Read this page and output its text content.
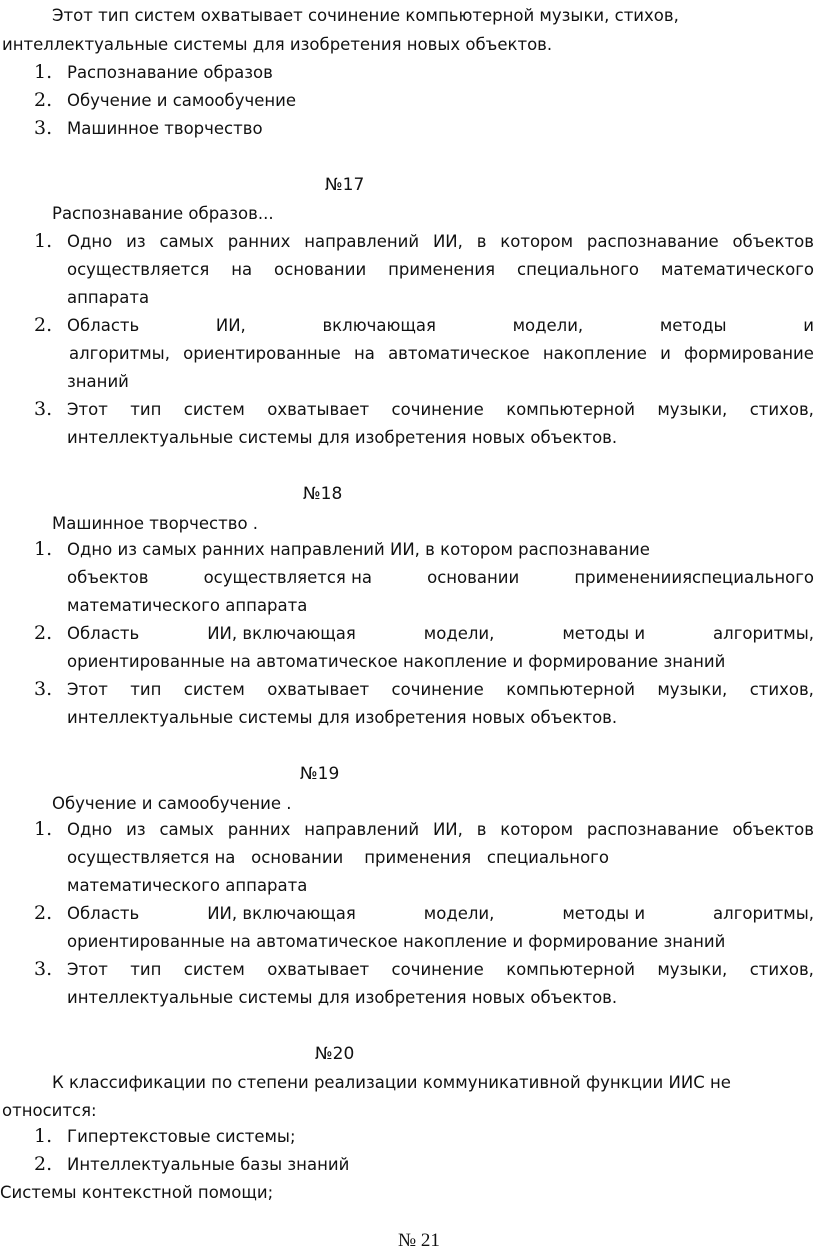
Этот тип систем охватывает сочинение компьютерной музыки, стихов,
интеллектуальные системы для изобретения новых объектов.
1. Распознавание образов
2. Обучение и самообучение
3. Машинное творчество
№17
Распознавание образов...
1. Одно из самых ранних направлений ИИ, в котором распознавание объектов
осуществляется на основании применения специального математического
аппарата
2. Область	ИИ,	включающая	модели,	методы	и
алгоритмы, ориентированные на автоматическое накопление и формирование
знаний
3. Этот тип систем охватывает сочинение компьютерной музыки, стихов,
интеллектуальные системы для изобретения новых объектов.
№18
Машинное творчество .
1. Одно из самых ранних направлений ИИ, в котором распознавание
объектов	осуществляется на	основании	применениияспециального
математического аппарата
2. Область	ИИ, включающая	модели,	методы и	алгоритмы,
ориентированные на автоматическое накопление и формирование знаний
3. Этот тип систем охватывает сочинение компьютерной музыки, стихов,
интеллектуальные системы для изобретения новых объектов.
№19
Обучение и самообучение .
1. Одно из самых ранних направлений ИИ, в котором распознавание объектов
осуществляется на   основании    применения   специального
математического аппарата
2. Область	ИИ, включающая	модели,	методы и	алгоритмы,
ориентированные на автоматическое накопление и формирование знаний
3. Этот тип систем охватывает сочинение компьютерной музыки, стихов,
интеллектуальные системы для изобретения новых объектов.
№20
К классификации по степени реализации коммуникативной функции ИИС не
относится:
1. Гипертекстовые системы;
2. Интеллектуальные базы знаний
Системы контекстной помощи;
№ 21
